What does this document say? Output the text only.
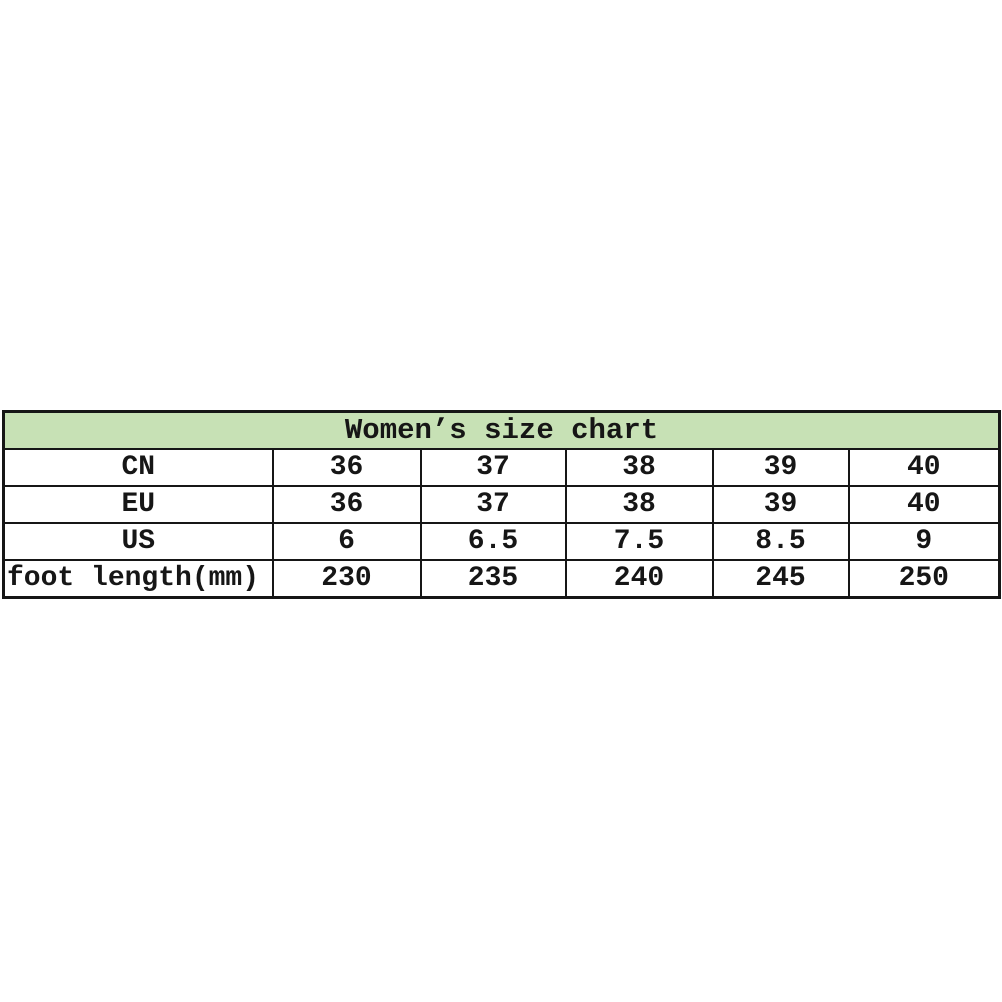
Women’s size chart					
CN	36	37	38	39	40
EU	36	37	38	39	40
US	6	6.5	7.5	8.5	9
foot length(mm)	230	235	240	245	250
